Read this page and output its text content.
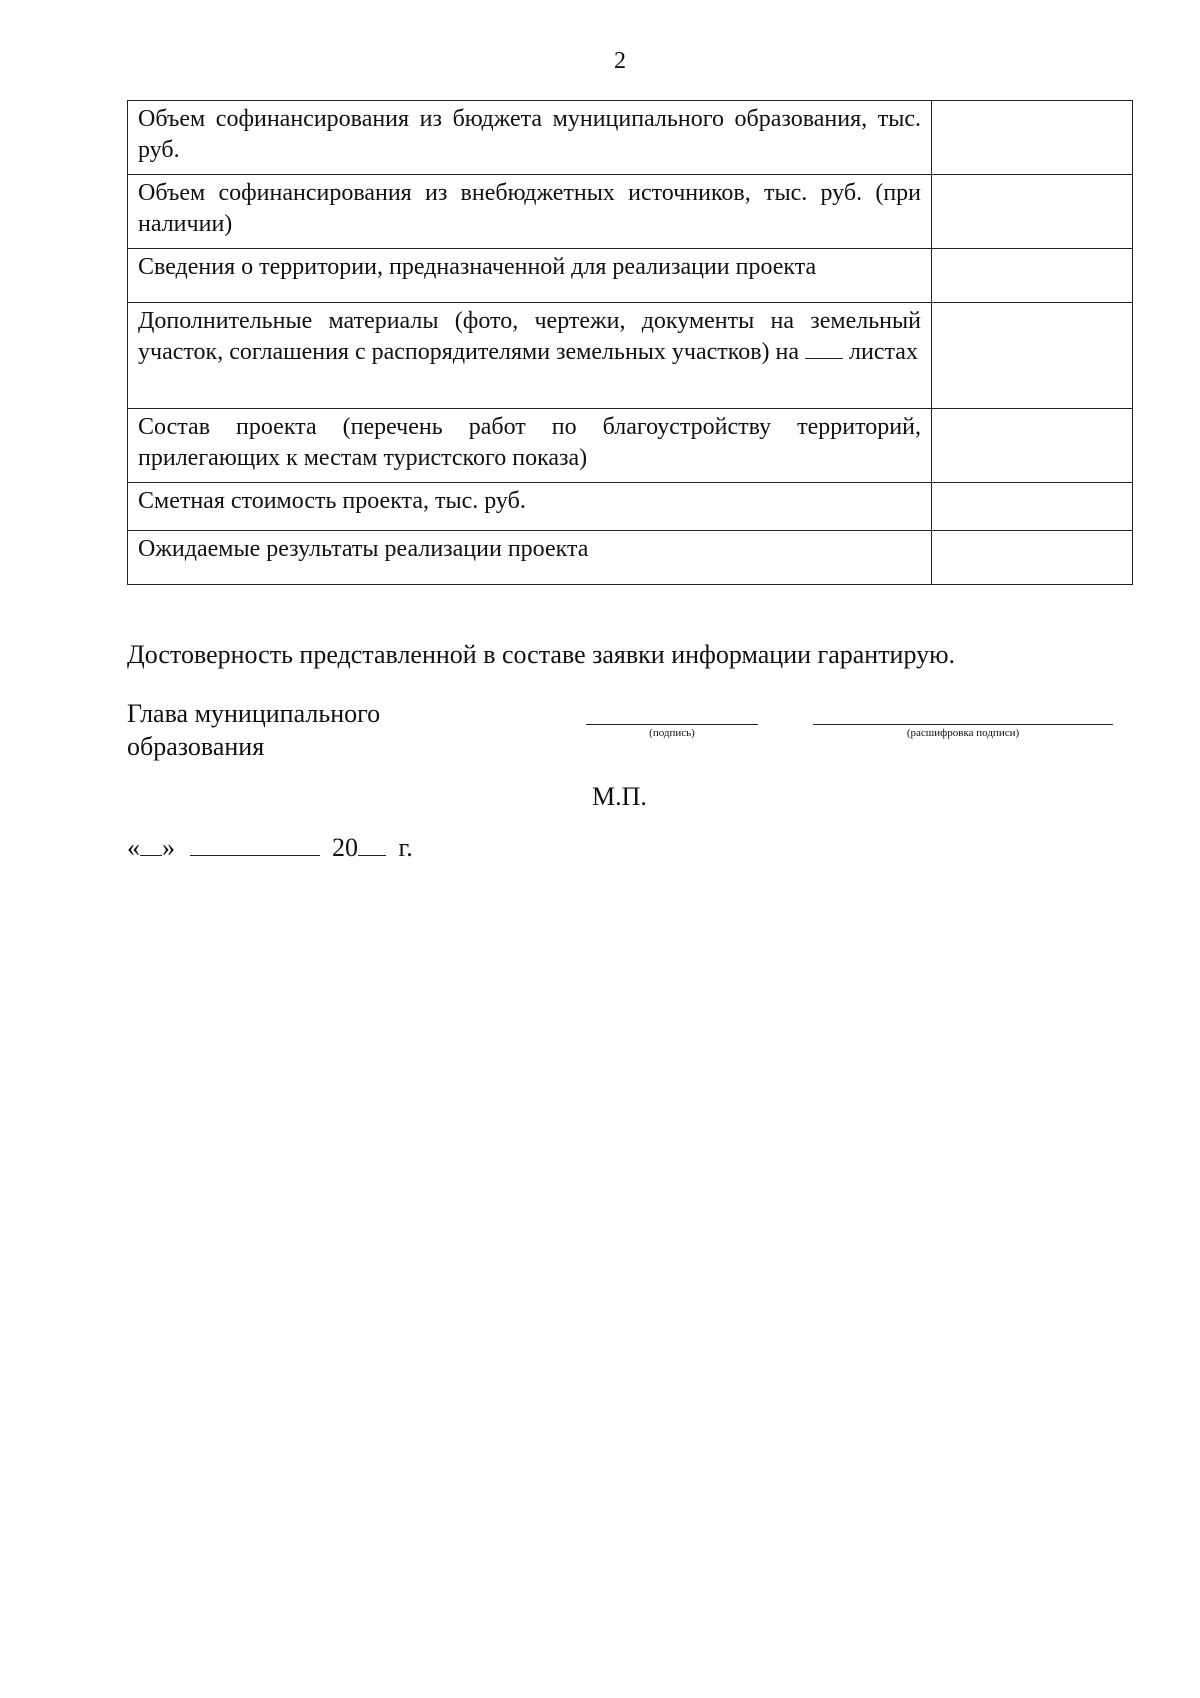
2
Объем софинансирования из бюджета муниципального образования, тыс. руб.	
Объем софинансирования из внебюджетных источников, тыс. руб. (при наличии)	
Сведения о территории, предназначенной для реализации проекта	
Дополнительные материалы (фото, чертежи, документы на земельный участок, соглашения с распорядителями земельных участков) на листах	
Состав проекта (перечень работ по благоустройству территорий, прилегающих к местам туристского показа)	
Сметная стоимость проекта, тыс. руб.	
Ожидаемые результаты реализации проекта	
Достоверность представленной в составе заявки информации гарантирую.
Глава муниципального образования	(подпись)	(расшифровка подписи)
М.П.
« »	20 г.
